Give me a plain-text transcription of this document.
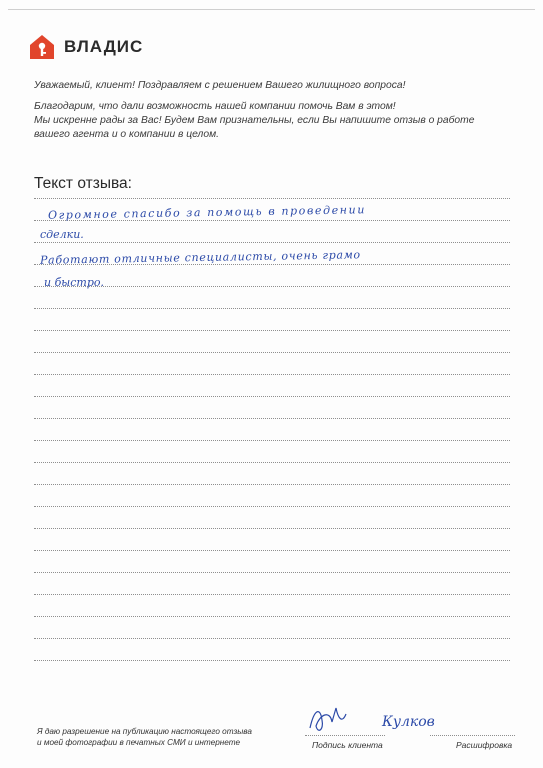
ВЛАДИС

Уважаемый, клиент! Поздравляем с решением Вашего жилищного вопроса!

Благодарим, что дали возможность нашей компании помочь Вам в этом!

Мы искренне рады за Вас! Будем Вам признательны, если Вы напишите отзыв о работе

вашего агента и о компании в целом.

Текст отзыва:
Огромное спасибо за помощь в проведении
сделки.
Работают отличные специалисты, очень грамо
и быстро.

Я даю разрешение на публикацию настоящего отзыва

и моей фотографии в печатных СМИ и интернете

Кулков
Подпись клиента	Расшифровка
